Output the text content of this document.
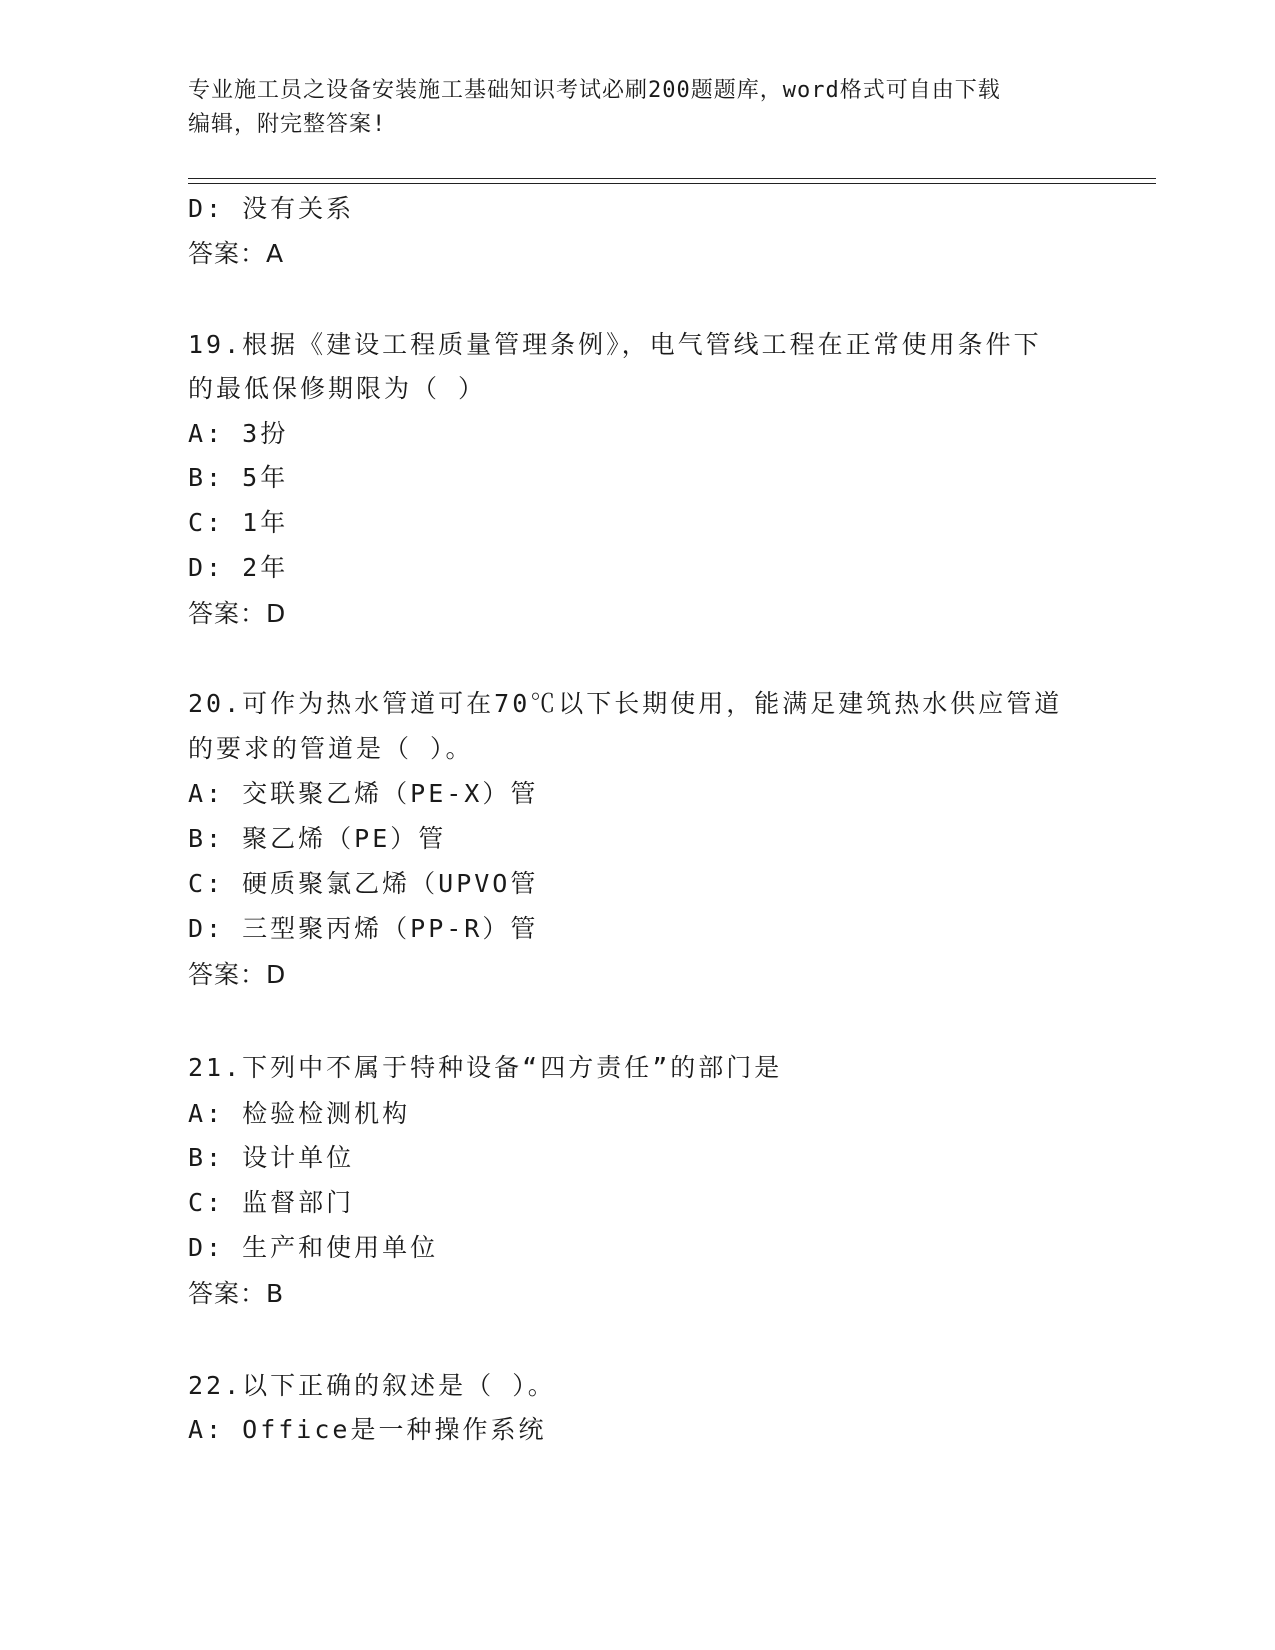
专业施工员之设备安装施工基础知识考试必刷200题题库，word格式可自由下载
编辑，附完整答案!
D: 没有关系
答案：A
19.根据《建设工程质量管理条例》，电气管线工程在正常使用条件下
的最低保修期限为（ ）
A: 3扮
B: 5年
C: 1年
D: 2年
答案：D
20.可作为热水管道可在70℃以下长期使用，能满足建筑热水供应管道
的要求的管道是（ ）。
A: 交联聚乙烯（PE-X）管
B: 聚乙烯（PE）管
C: 硬质聚氯乙烯（UPVO管
D: 三型聚丙烯（PP-R）管
答案：D
21.下列中不属于特种设备“四方责任”的部门是
A: 检验检测机构
B: 设计单位
C: 监督部门
D: 生产和使用单位
答案：B
22.以下正确的叙述是（ ）。
A: Office是一种操作系统
